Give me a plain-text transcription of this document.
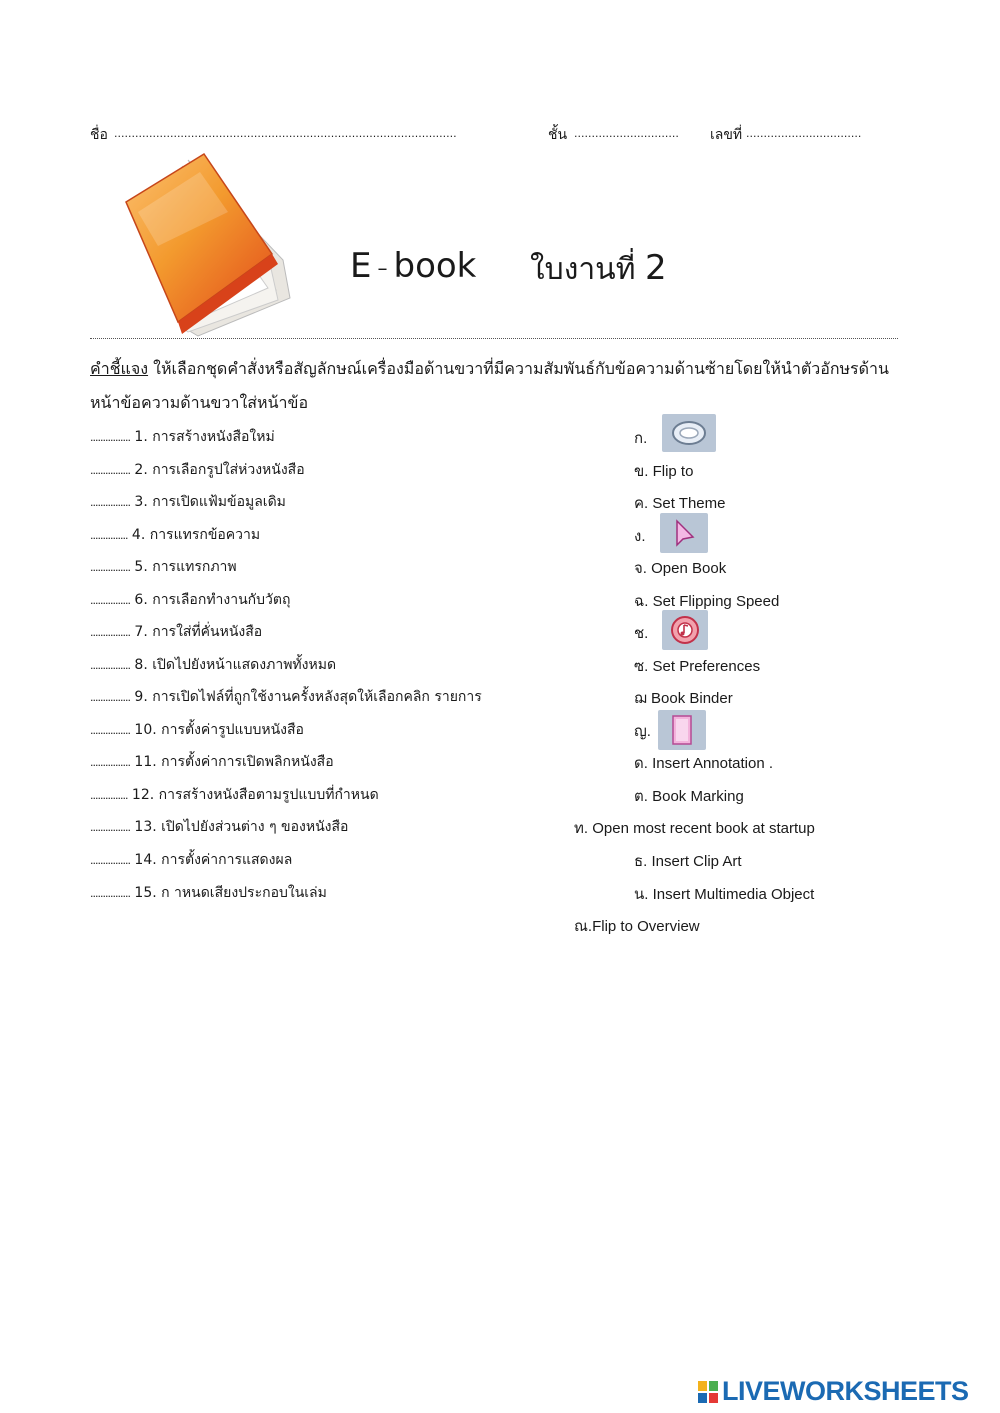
ชื่อ ..................................................................................................	ชั้น .............................. เลขที่ .................................
E – book ใบงานที่ 2
คำชี้แจง ให้เลือกชุดคำสั่งหรือสัญลักษณ์เครื่องมือด้านขวาที่มีความสัมพันธ์กับข้อความด้านซ้ายโดยให้นำตัวอักษรด้านหน้าข้อความด้านขวาใส่หน้าข้อ
................ 1. การสร้างหนังสือใหม่
................ 2. การเลือกรูปใส่ห่วงหนังสือ
................ 3. การเปิดแฟ้มข้อมูลเดิม
............... 4. การแทรกข้อความ
................ 5. การแทรกภาพ
................ 6. การเลือกทำงานกับวัตถุ
................ 7. การใส่ที่คั่นหนังสือ
................ 8. เปิดไปยังหน้าแสดงภาพทั้งหมด
................ 9. การเปิดไฟล์ที่ถูกใช้งานครั้งหลังสุดให้เลือกคลิก รายการ
................ 10. การตั้งค่ารูปแบบหนังสือ
................ 11. การตั้งค่าการเปิดพลิกหนังสือ
............... 12. การสร้างหนังสือตามรูปแบบที่กำหนด
................ 13. เปิดไปยังส่วนต่าง ๆ ของหนังสือ
................ 14. การตั้งค่าการแสดงผล
................ 15. ก าหนดเสียงประกอบในเล่ม
ก.
ข. Flip to
ค. Set Theme
ง.
จ. Open Book
ฉ. Set Flipping Speed
ช.
ซ. Set Preferences
ฌ Book Binder
ญ.
ด. Insert Annotation .
ต. Book Marking
ท. Open most recent book at startup
ธ. Insert Clip Art
น. Insert Multimedia Object
ณ.Flip to Overview
LIVEWORKSHEETS
